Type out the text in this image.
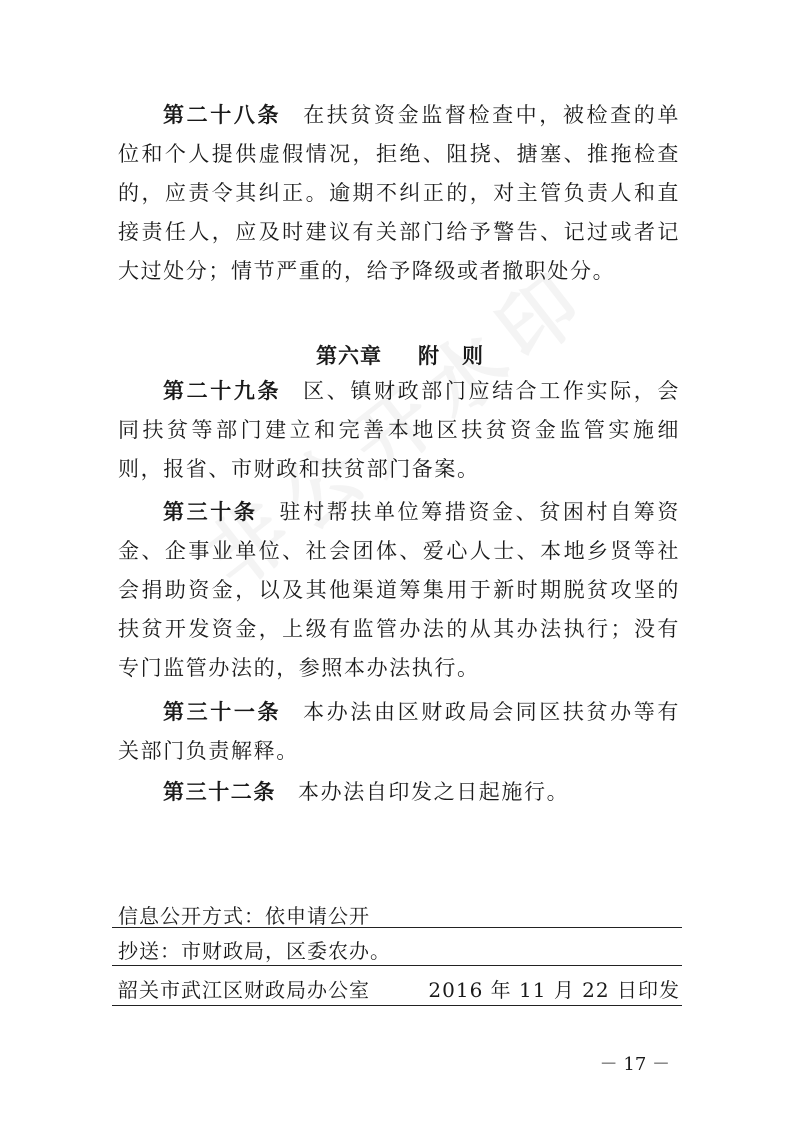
第二十八条 在扶贫资金监督检查中，被检查的单位和个人提供虚假情况，拒绝、阻挠、搪塞、推拖检查的，应责令其纠正。逾期不纠正的，对主管负责人和直接责任人，应及时建议有关部门给予警告、记过或者记大过处分；情节严重的，给予降级或者撤职处分。

第六章 附　则

第二十九条 区、镇财政部门应结合工作实际，会同扶贫等部门建立和完善本地区扶贫资金监管实施细则，报省、市财政和扶贫部门备案。

第三十条 驻村帮扶单位筹措资金、贫困村自筹资金、企事业单位、社会团体、爱心人士、本地乡贤等社会捐助资金，以及其他渠道筹集用于新时期脱贫攻坚的扶贫开发资金，上级有监管办法的从其办法执行；没有专门监管办法的，参照本办法执行。

第三十一条 本办法由区财政局会同区扶贫办等有关部门负责解释。

第三十二条 本办法自印发之日起施行。

信息公开方式：依申请公开
抄送：市财政局，区委农办。
韶关市武江区财政局办公室	2016 年 11 月 22 日印发
－ 17 －
